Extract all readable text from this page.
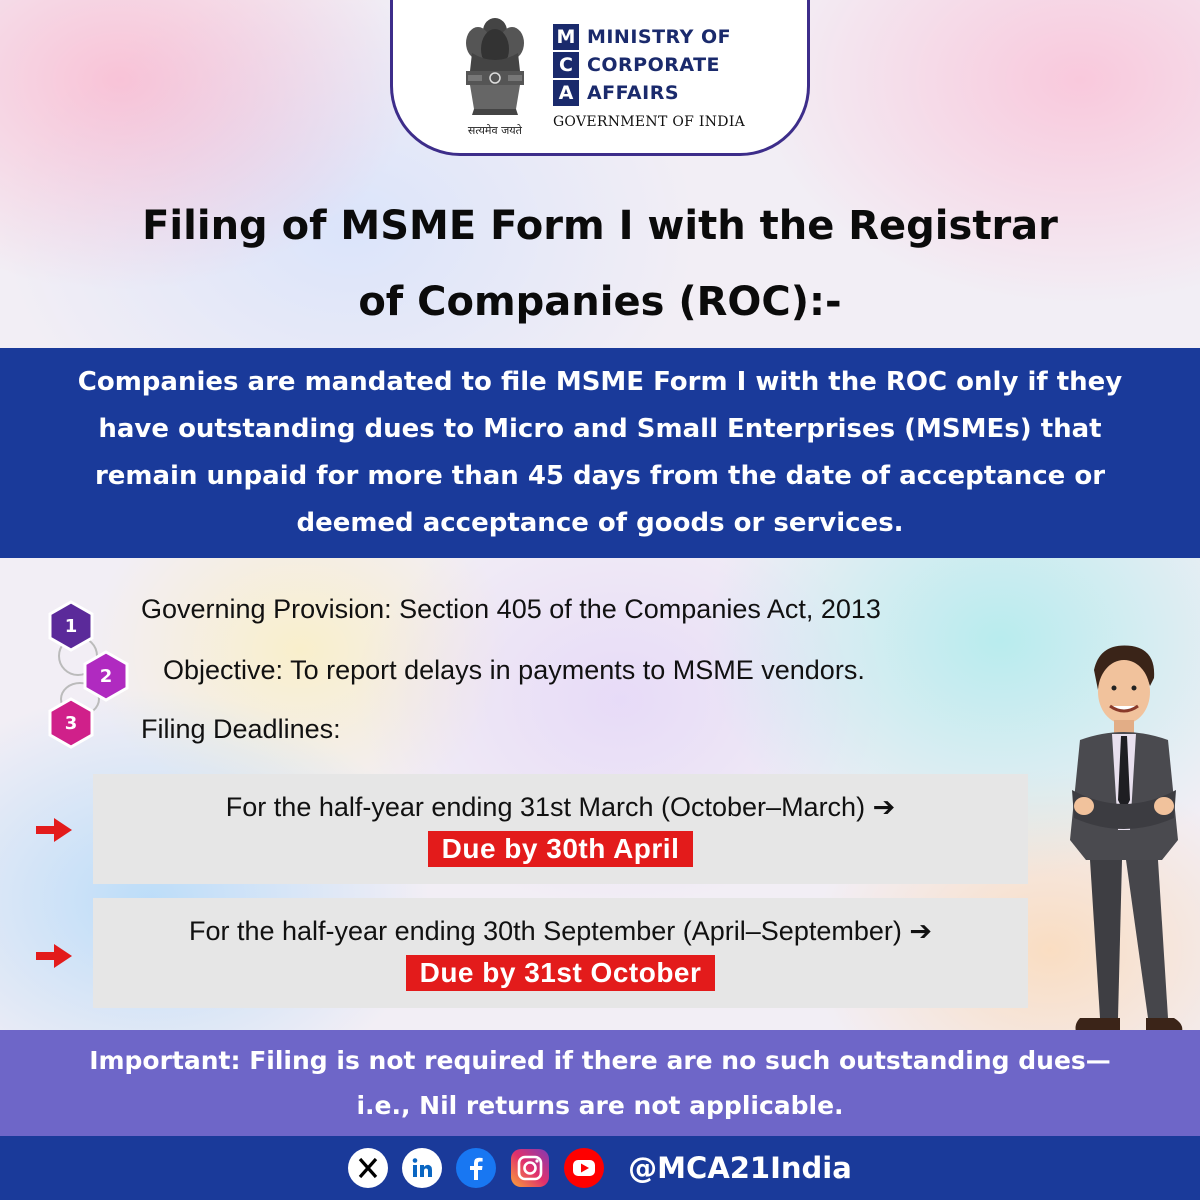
सत्यमेव जयते
M MINISTRY OF
C CORPORATE
A AFFAIRS
GOVERNMENT OF INDIA
Filing of MSME Form I with the Registrar
of Companies (ROC):-

Companies are mandated to file MSME Form I with the ROC only if they have outstanding dues to Micro and Small Enterprises (MSMEs) that remain unpaid for more than 45 days from the date of acceptance or deemed acceptance of goods or services.

1
2
3
Governing Provision: Section 405 of the Companies Act, 2013
Objective: To report delays in payments to MSME vendors.
Filing Deadlines:
For the half-year ending 31st March (October–March) ➔
Due by 30th April
For the half-year ending 30th September (April–September) ➔
Due by 31st October

Important: Filing is not required if there are no such outstanding dues—i.e., Nil returns are not applicable.

@MCA21India
